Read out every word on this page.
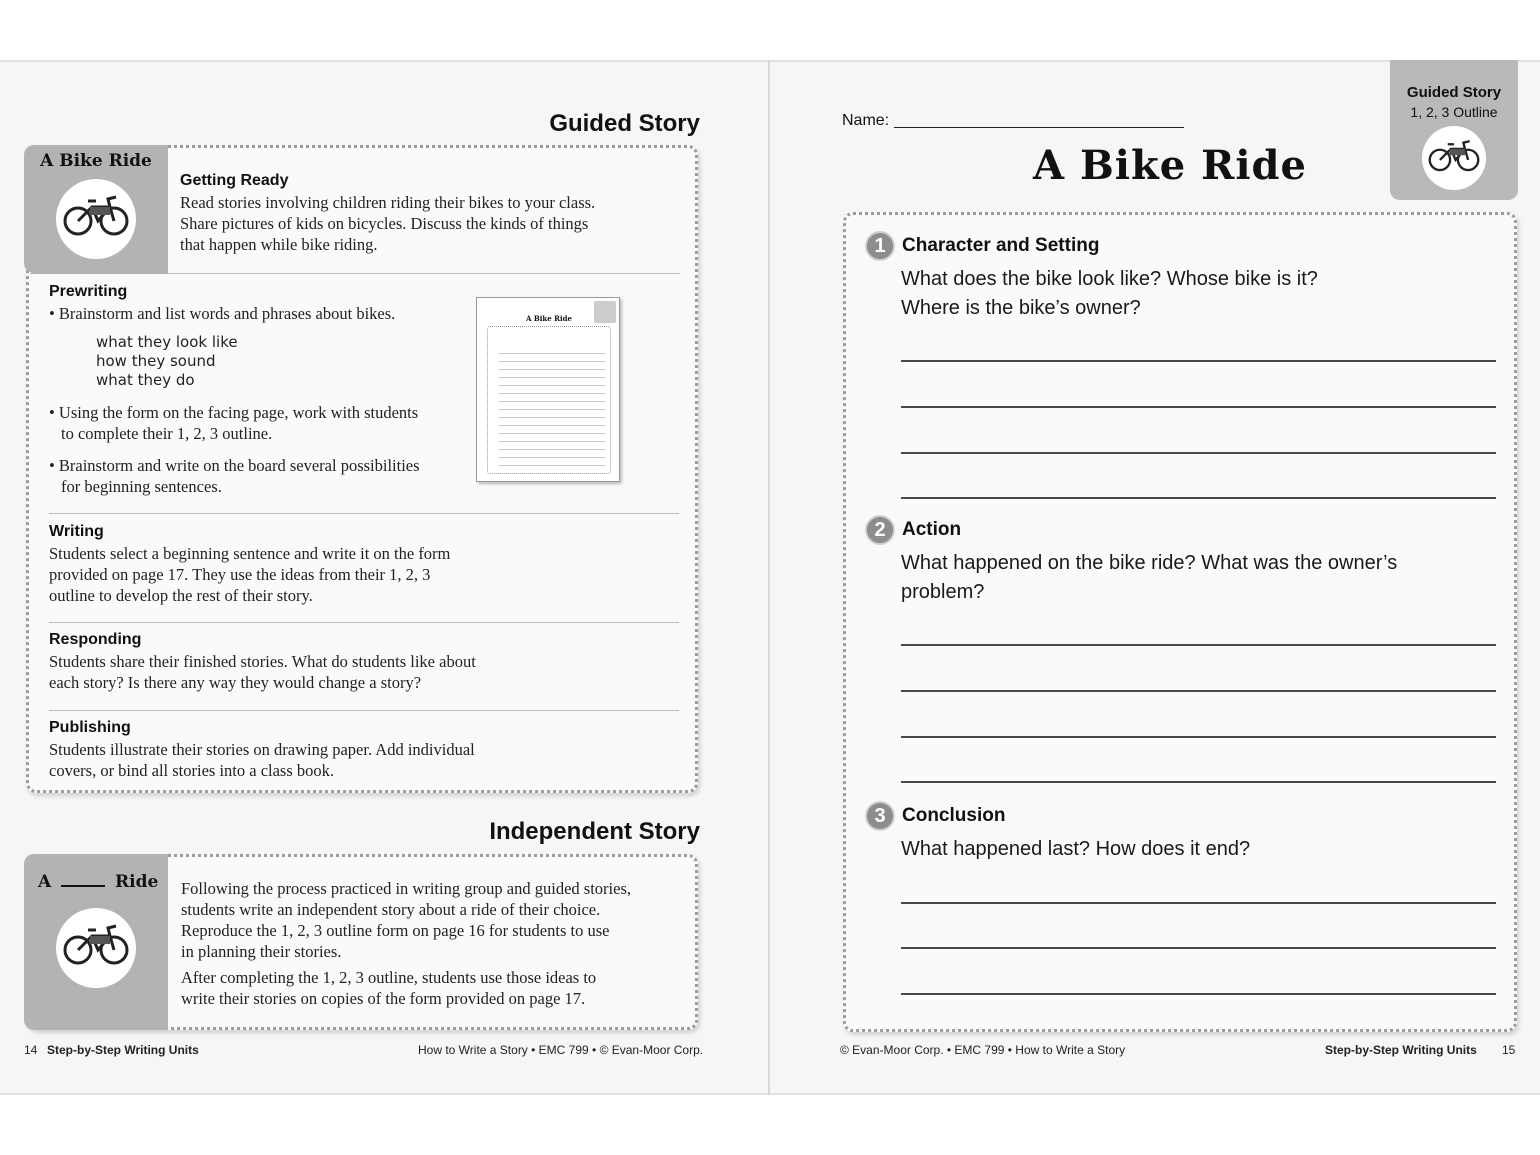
Guided Story
A Bike Ride
Getting Ready
Read stories involving children riding their bikes to your class.
Share pictures of kids on bicycles. Discuss the kinds of things
that happen while bike riding.
Prewriting
• Brainstorm and list words and phrases about bikes.
what they look like
how they sound
what they do
• Using the form on the facing page, work with students
to complete their 1, 2, 3 outline.
• Brainstorm and write on the board several possibilities
for beginning sentences.
A Bike Ride
Writing
Students select a beginning sentence and write it on the form
provided on page 17. They use the ideas from their 1, 2, 3
outline to develop the rest of their story.
Responding
Students share their finished stories. What do students like about
each story? Is there any way they would change a story?
Publishing
Students illustrate their stories on drawing paper. Add individual
covers, or bind all stories into a class book.
Independent Story
A	Ride	Following the process practiced in writing group and guided stories,
students write an independent story about a ride of their choice.
Reproduce the 1, 2, 3 outline form on page 16 for students to use
in planning their stories.
After completing the 1, 2, 3 outline, students use those ideas to
write their stories on copies of the form provided on page 17.
14 Step-by-Step Writing Units	How to Write a Story • EMC 799 • © Evan-Moor Corp.
Name:
A Bike Ride
Guided Story
1, 2, 3 Outline
1 Character and Setting
What does the bike look like? Whose bike is it?
Where is the bike’s owner?
2 Action
What happened on the bike ride? What was the owner’s
problem?
3 Conclusion
What happened last? How does it end?
© Evan-Moor Corp. • EMC 799 • How to Write a Story	Step-by-Step Writing Units 15
